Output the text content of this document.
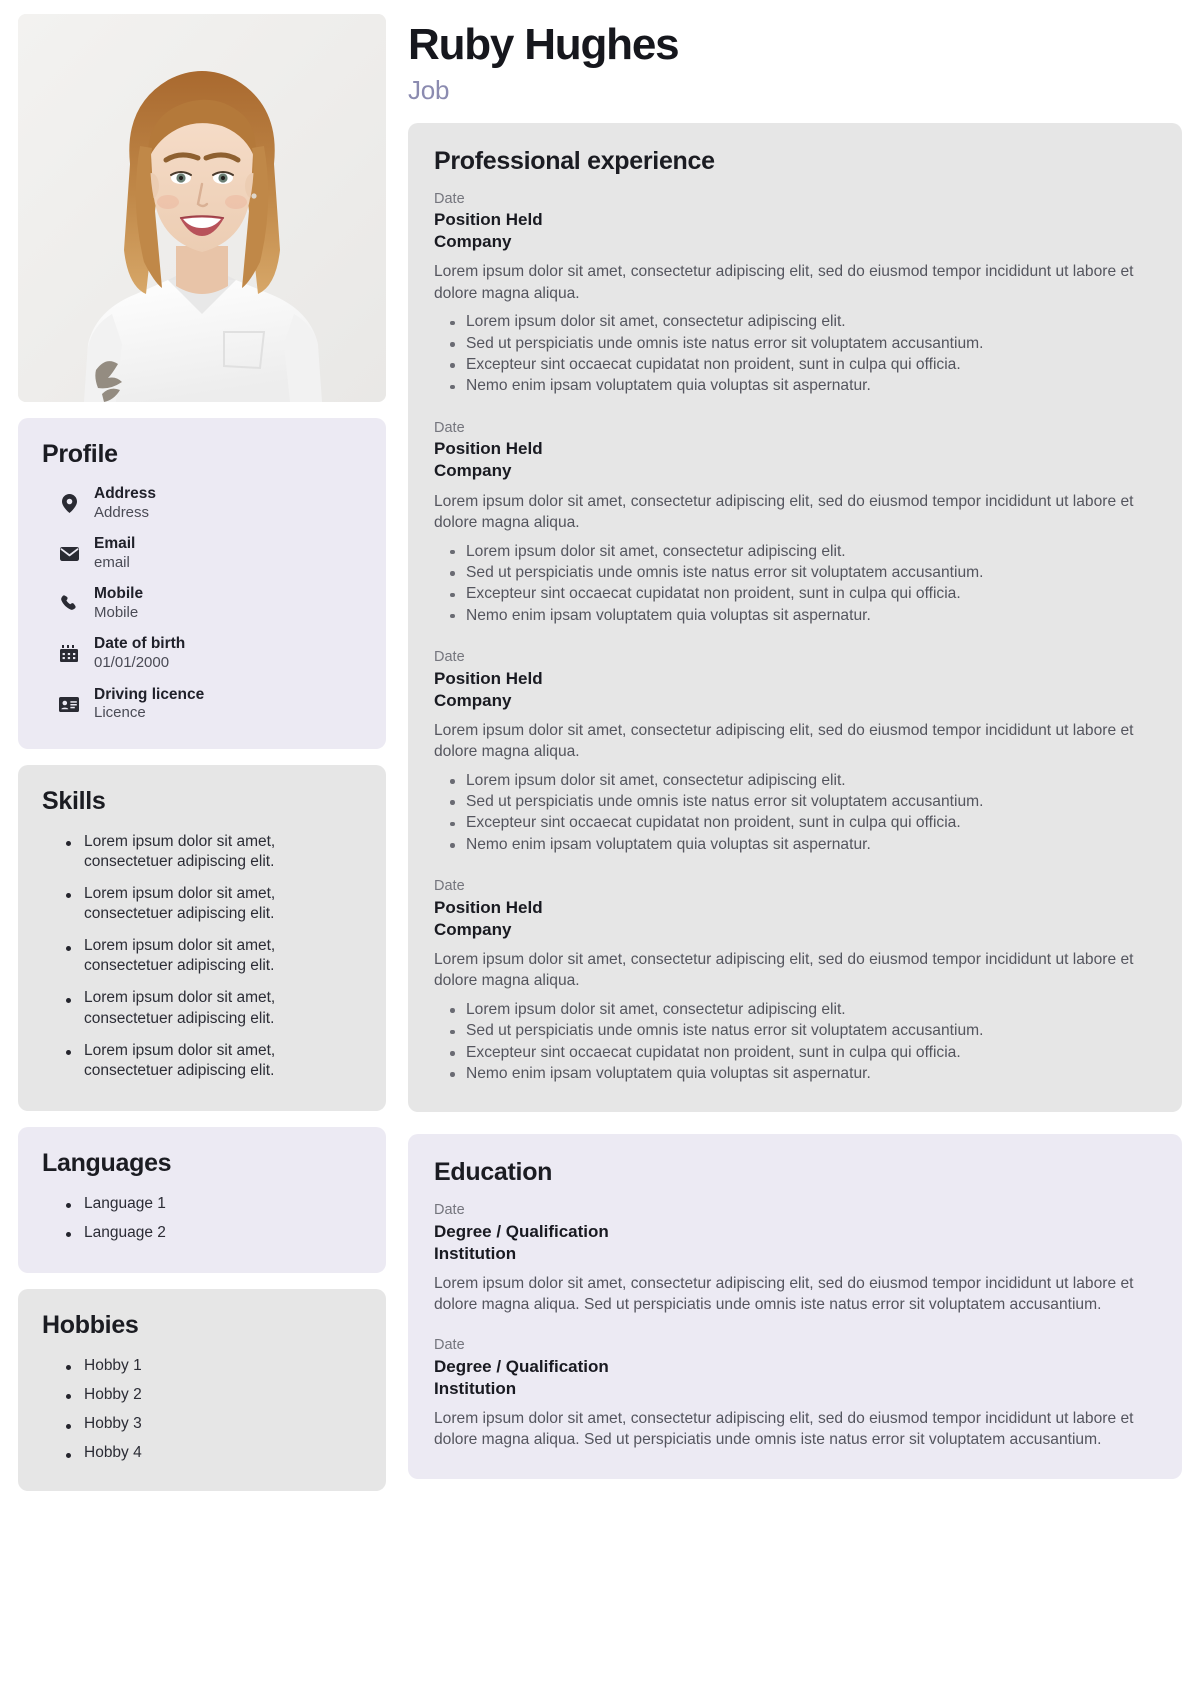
Profile
Address
Address
Email
email
Mobile
Mobile
Date of birth
01/01/2000
Driving licence
Licence
Skills
Lorem ipsum dolor sit amet, consectetuer adipiscing elit.
Lorem ipsum dolor sit amet, consectetuer adipiscing elit.
Lorem ipsum dolor sit amet, consectetuer adipiscing elit.
Lorem ipsum dolor sit amet, consectetuer adipiscing elit.
Lorem ipsum dolor sit amet, consectetuer adipiscing elit.
Languages
Language 1
Language 2
Hobbies
Hobby 1
Hobby 2
Hobby 3
Hobby 4
Ruby Hughes
Job
Professional experience
Date
Position Held
Company

Lorem ipsum dolor sit amet, consectetur adipiscing elit, sed do eiusmod tempor incididunt ut labore et dolore magna aliqua.

Lorem ipsum dolor sit amet, consectetur adipiscing elit.
Sed ut perspiciatis unde omnis iste natus error sit voluptatem accusantium.
Excepteur sint occaecat cupidatat non proident, sunt in culpa qui officia.
Nemo enim ipsam voluptatem quia voluptas sit aspernatur.
Date
Position Held
Company

Lorem ipsum dolor sit amet, consectetur adipiscing elit, sed do eiusmod tempor incididunt ut labore et dolore magna aliqua.

Lorem ipsum dolor sit amet, consectetur adipiscing elit.
Sed ut perspiciatis unde omnis iste natus error sit voluptatem accusantium.
Excepteur sint occaecat cupidatat non proident, sunt in culpa qui officia.
Nemo enim ipsam voluptatem quia voluptas sit aspernatur.
Date
Position Held
Company

Lorem ipsum dolor sit amet, consectetur adipiscing elit, sed do eiusmod tempor incididunt ut labore et dolore magna aliqua.

Lorem ipsum dolor sit amet, consectetur adipiscing elit.
Sed ut perspiciatis unde omnis iste natus error sit voluptatem accusantium.
Excepteur sint occaecat cupidatat non proident, sunt in culpa qui officia.
Nemo enim ipsam voluptatem quia voluptas sit aspernatur.
Date
Position Held
Company

Lorem ipsum dolor sit amet, consectetur adipiscing elit, sed do eiusmod tempor incididunt ut labore et dolore magna aliqua.

Lorem ipsum dolor sit amet, consectetur adipiscing elit.
Sed ut perspiciatis unde omnis iste natus error sit voluptatem accusantium.
Excepteur sint occaecat cupidatat non proident, sunt in culpa qui officia.
Nemo enim ipsam voluptatem quia voluptas sit aspernatur.
Education
Date
Degree / Qualification
Institution

Lorem ipsum dolor sit amet, consectetur adipiscing elit, sed do eiusmod tempor incididunt ut labore et dolore magna aliqua. Sed ut perspiciatis unde omnis iste natus error sit voluptatem accusantium.

Date
Degree / Qualification
Institution

Lorem ipsum dolor sit amet, consectetur adipiscing elit, sed do eiusmod tempor incididunt ut labore et dolore magna aliqua. Sed ut perspiciatis unde omnis iste natus error sit voluptatem accusantium.
